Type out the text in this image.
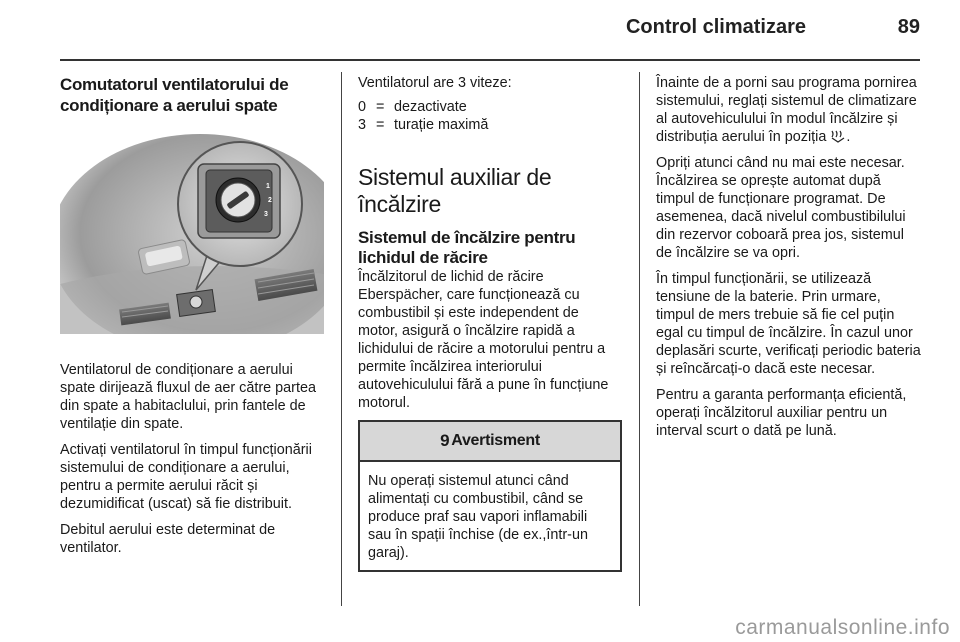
Control climatizare	89
Comutatorul ventilatorului de condiționare a aerului spate
1
2
3

Ventilatorul de condiționare a aerului spate dirijează fluxul de aer către partea din spate a habitaclului, prin fantele de ventilație din spate.

Activați ventilatorul în timpul funcționării sistemului de condiționare a aerului, pentru a permite aerului răcit și dezumidificat (uscat) să fie distribuit.

Debitul aerului este determinat de ventilator.

Ventilatorul are 3 viteze:

0 = dezactivate
3 = turație maximă
Sistemul auxiliar de încălzire
Sistemul de încălzire pentru lichidul de răcire

Încălzitorul de lichid de răcire Eberspächer, care funcționează cu combustibil și este independent de motor, asigură o încălzire rapidă a lichidului de răcire a motorului pentru a permite încălzirea interiorului autovehiculului fără a pune în funcțiune motorul.

9 Avertisment
Nu operați sistemul atunci când alimentați cu combustibil, când se produce praf sau vapori inflamabili sau în spații închise (de ex.,într-un garaj).

Înainte de a porni sau programa pornirea sistemului, reglați sistemul de climatizare al autovehiculului în modul încălzire și distribuția aerului în poziția .

Opriți atunci când nu mai este necesar. Încălzirea se oprește automat după timpul de funcționare programat. De asemenea, dacă nivelul combustibilului din rezervor coboară prea jos, sistemul de încălzire se va opri.

În timpul funcționării, se utilizează tensiune de la baterie. Prin urmare, timpul de mers trebuie să fie cel puțin egal cu timpul de încălzire. În cazul unor deplasări scurte, verificați periodic bateria și reîncărcați-o dacă este necesar.

Pentru a garanta performanța eficientă, operați încălzitorul auxiliar pentru un interval scurt o dată pe lună.

carmanualsonline.info
